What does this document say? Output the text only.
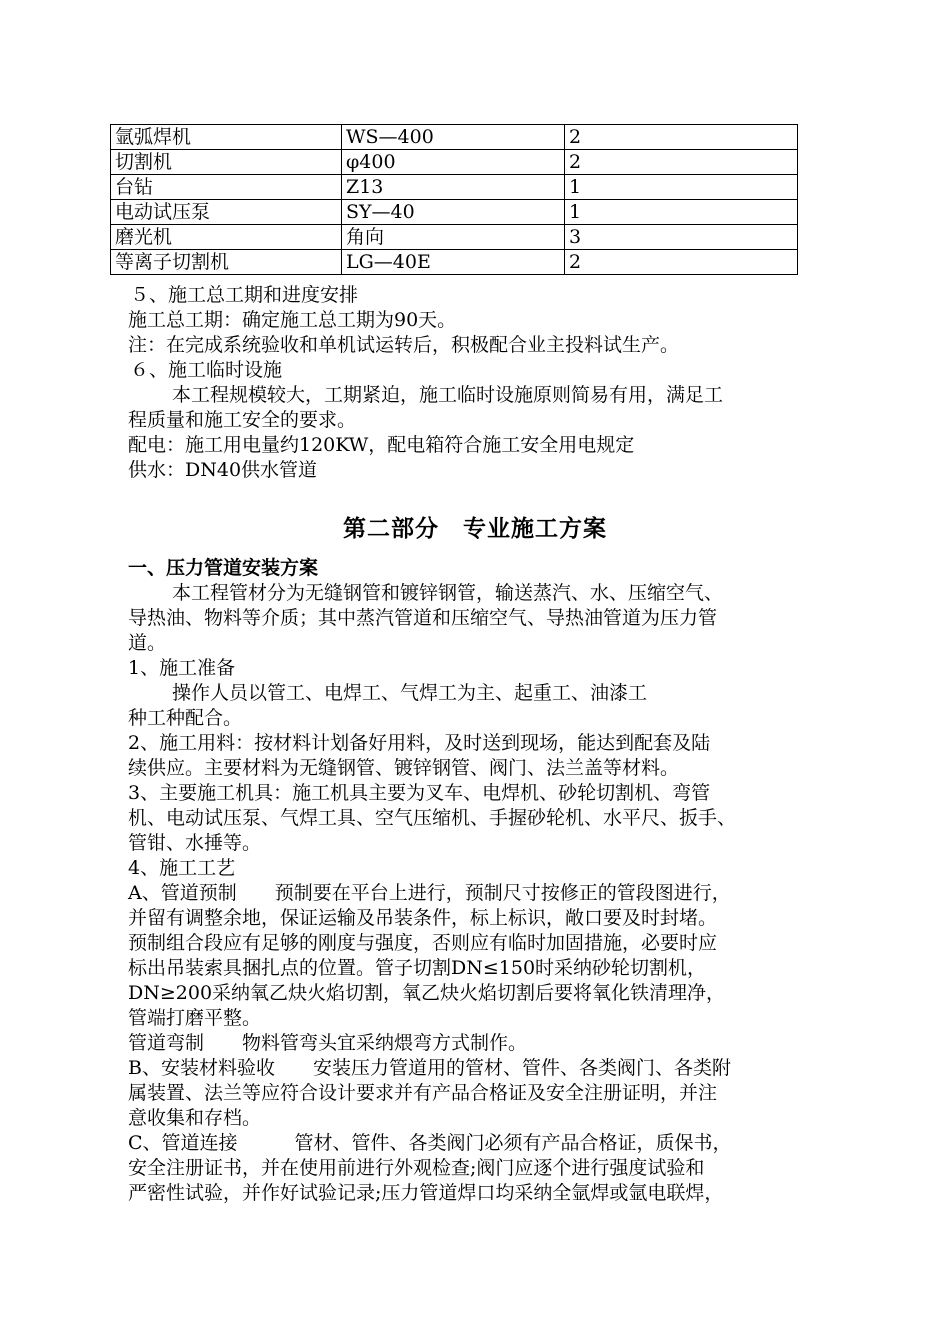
氩弧焊机	WS—400	2
切割机	φ400	2
台钻	Z13	1
电动试压泵	SY—40	1
磨光机	角向	3
等离子切割机	LG—40E	2
５、施工总工期和进度安排
施工总工期：确定施工总工期为90天。
注：在完成系统验收和单机试运转后，积极配合业主投料试生产。
６、施工临时设施
本工程规模较大，工期紧迫，施工临时设施原则简易有用，满足工
程质量和施工安全的要求。
配电：施工用电量约120KW，配电箱符合施工安全用电规定
供水：DN40供水管道
第二部分　专业施工方案
一、压力管道安装方案
本工程管材分为无缝钢管和镀锌钢管，输送蒸汽、水、压缩空气、
导热油、物料等介质；其中蒸汽管道和压缩空气、导热油管道为压力管
道。
1、施工准备
操作人员以管工、电焊工、气焊工为主、起重工、油漆工
种工种配合。
2、施工用料：按材料计划备好用料，及时送到现场，能达到配套及陆
续供应。主要材料为无缝钢管、镀锌钢管、阀门、法兰盖等材料。
3、主要施工机具：施工机具主要为叉车、电焊机、砂轮切割机、弯管
机、电动试压泵、气焊工具、空气压缩机、手握砂轮机、水平尺、扳手、
管钳、水捶等。
4、施工工艺
A、管道预制　　预制要在平台上进行，预制尺寸按修正的管段图进行，
并留有调整余地，保证运输及吊装条件，标上标识，敞口要及时封堵。
预制组合段应有足够的刚度与强度，否则应有临时加固措施，必要时应
标出吊装索具捆扎点的位置。管子切割DN≤150时采纳砂轮切割机，
DN≥200采纳氧乙炔火焰切割，氧乙炔火焰切割后要将氧化铁清理净，
管端打磨平整。
管道弯制　　物料管弯头宜采纳煨弯方式制作。
B、安装材料验收　　安装压力管道用的管材、管件、各类阀门、各类附
属装置、法兰等应符合设计要求并有产品合格证及安全注册证明，并注
意收集和存档。
C、管道连接　　　管材、管件、各类阀门必须有产品合格证，质保书，
安全注册证书，并在使用前进行外观检查;阀门应逐个进行强度试验和
严密性试验，并作好试验记录;压力管道焊口均采纳全氩焊或氩电联焊，
